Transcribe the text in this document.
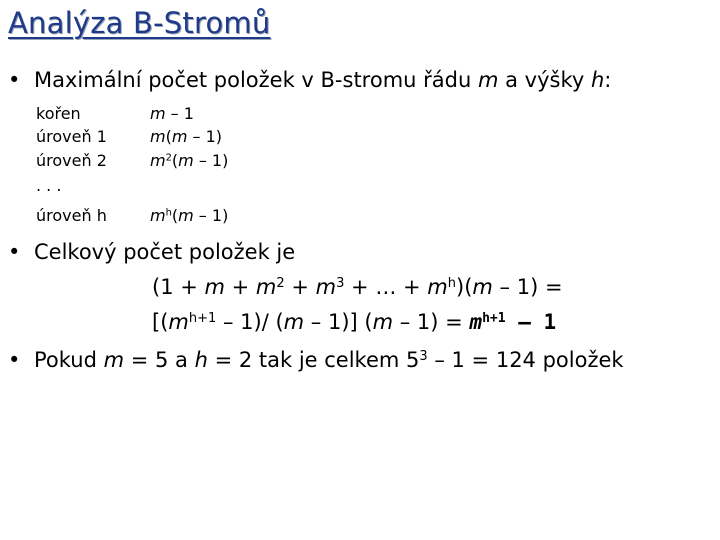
Analýza B-Stromů
• Maximální počet položek v B-stromu řádu m a výšky h:
kořen
úroveň 1
úroveň 2
. . .
úroveň h
m – 1
m(m – 1)
$m^2(m - 1)$
$m^h(m - 1)$
• Celkový počet položek je
($1 + m + m^2 + m^3$ + … + $m^h)(m - 1)$ =
[$(m^{h+1} - 1)/$ (m – 1)] $(m - 1) = m^{h+1} - 1$
• Pokud m = 5 a h = 2 tak je celkem $5^3 - 1 = 124$ položek
